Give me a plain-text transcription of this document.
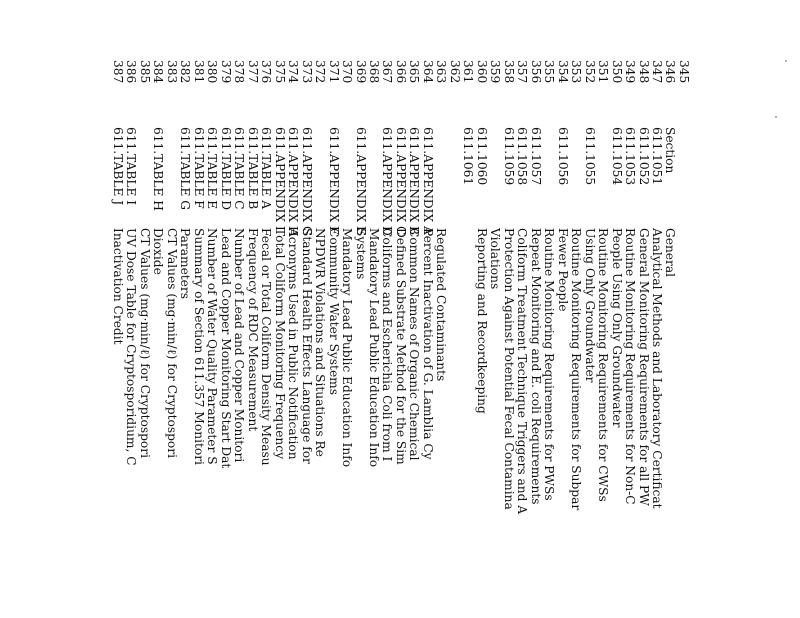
345
346
Section
General
347
611.1051
Analytical Methods and Laboratory Certificat
348
611.1052
General Monitoring Requirements for all PW
349
611.1053
Routine Monitoring Requirements for Non-C
350
611.1054
People Using Only Groundwater
351
Routine Monitoring Requirements for CWSs
352
611.1055
Using Only Groundwater
353
Routine Monitoring Requirements for Subpar
354
611.1056
Fewer People
355
Routine Monitoring Requirements for PWSs
356
611.1057
Repeat Monitoring and E. coli Requirements
357
611.1058
Coliform Treatment Technique Triggers and A
358
611.1059
Protection Against Potential Fecal Contamina
359
Violations
360
611.1060
Reporting and Recordkeeping
361
611.1061
362
363
Regulated Contaminants
364
611.APPENDIX A
Percent Inactivation of G. Lamblia Cy
365
611.APPENDIX B
Common Names of Organic Chemical
366
611.APPENDIX C
Defined Substrate Method for the Sim
367
611.APPENDIX D
Coliforms and Escherichia Coli from I
368
Mandatory Lead Public Education Info
369
611.APPENDIX E
Systems
370
Mandatory Lead Public Education Info
371
611.APPENDIX F
Community Water Systems
372
NPDWR Violations and Situations Re
373
611.APPENDIX G
Standard Health Effects Language for
374
611.APPENDIX H
Acronyms Used in Public Notification
375
611.APPENDIX I
Total Coliform Monitoring Frequency
376
611.TABLE A
Fecal or Total Coliform Density Measu
377
611.TABLE B
Frequency of RDC Measurement
378
611.TABLE C
Number of Lead and Copper Monitori
379
611.TABLE D
Lead and Copper Monitoring Start Dat
380
611.TABLE E
Number of Water Quality Parameter S
381
611.TABLE F
Summary of Section 611.357 Monitori
382
611.TABLE G
Parameters
383
CT Values (mg·min/ℓ) for Cryptospori
384
611.TABLE H
Dioxide
385
CT Values (mg·min/ℓ) for Cryptospori
386
611.TABLE I
UV Dose Table for Cryptosporidium, C
387
611.TABLE J
Inactivation Credit
